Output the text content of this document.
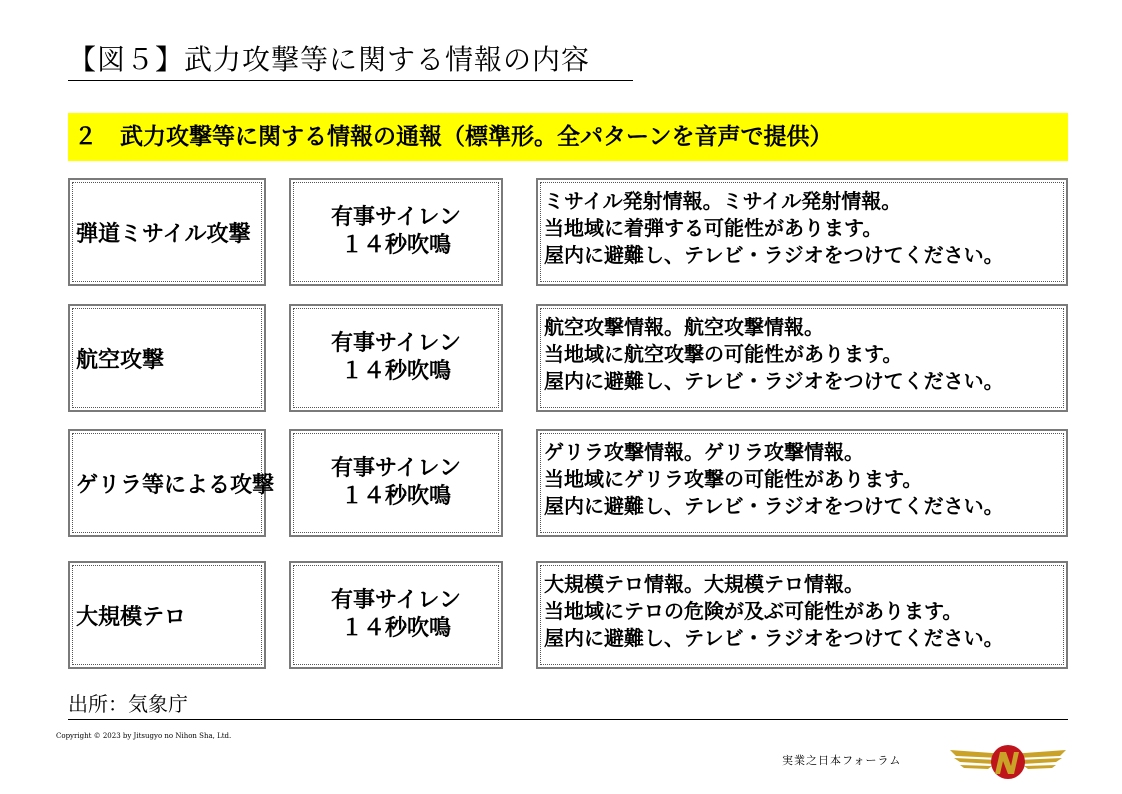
【図５】武力攻撃等に関する情報の内容
２　武力攻撃等に関する情報の通報（標準形。全パターンを音声で提供）
弾道ミサイル攻撃
有事サイレン
１４秒吹鳴
ミサイル発射情報。ミサイル発射情報。
当地域に着弾する可能性があります。
屋内に避難し、テレビ・ラジオをつけてください。
航空攻撃
有事サイレン
１４秒吹鳴
航空攻撃情報。航空攻撃情報。
当地域に航空攻撃の可能性があります。
屋内に避難し、テレビ・ラジオをつけてください。
ゲリラ等による攻撃
有事サイレン
１４秒吹鳴
ゲリラ攻撃情報。ゲリラ攻撃情報。
当地域にゲリラ攻撃の可能性があります。
屋内に避難し、テレビ・ラジオをつけてください。
大規模テロ
有事サイレン
１４秒吹鳴
大規模テロ情報。大規模テロ情報。
当地域にテロの危険が及ぶ可能性があります。
屋内に避難し、テレビ・ラジオをつけてください。
出所：気象庁
Copyright © 2023 by Jitsugyo no Nihon Sha, Ltd.
実業之日本フォーラム
